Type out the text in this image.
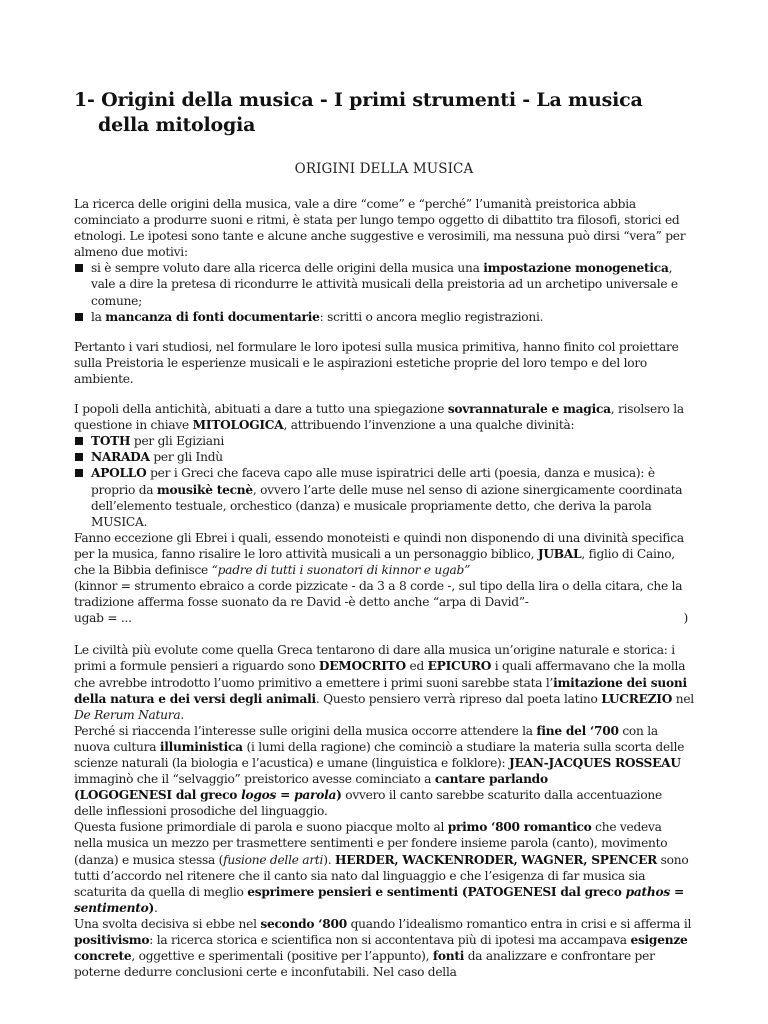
1- Origini della musica - I primi strumenti - La musica della mitologia
ORIGINI DELLA MUSICA

La ricerca delle origini della musica, vale a dire “come” e “perché” l’umanità preistorica abbia cominciato a produrre suoni e ritmi, è stata per lungo tempo oggetto di dibattito tra filosofi, storici ed etnologi. Le ipotesi sono tante e alcune anche suggestive e verosimili, ma nessuna può dirsi “vera” per almeno due motivi:

si è sempre voluto dare alla ricerca delle origini della musica una impostazione monogenetica, vale a dire la pretesa di ricondurre le attività musicali della preistoria ad un archetipo universale e comune;
la mancanza di fonti documentarie: scritti o ancora meglio registrazioni.

Pertanto i vari studiosi, nel formulare le loro ipotesi sulla musica primitiva, hanno finito col proiettare sulla Preistoria le esperienze musicali e le aspirazioni estetiche proprie del loro tempo e del loro ambiente.

I popoli della antichità, abituati a dare a tutto una spiegazione sovrannaturale e magica, risolsero la questione in chiave MITOLOGICA, attribuendo l’invenzione a una qualche divinità:

TOTH per gli Egiziani
NARADA per gli Indù
APOLLO per i Greci che faceva capo alle muse ispiratrici delle arti (poesia, danza e musica): è proprio da mousikè tecnè, ovvero l’arte delle muse nel senso di azione sinergicamente coordinata dell’elemento testuale, orchestico (danza) e musicale propriamente detto, che deriva la parola MUSICA.

Fanno eccezione gli Ebrei i quali, essendo monoteisti e quindi non disponendo di una divinità specifica per la musica, fanno risalire le loro attività musicali a un personaggio biblico, JUBAL, figlio di Caino, che la Bibbia definisce “padre di tutti i suonatori di kinnor e ugab”

(kinnor = strumento ebraico a corde pizzicate - da 3 a 8 corde -, sul tipo della lira o della citara, che la tradizione afferma fosse suonato da re David -è detto anche “arpa di David”-

ugab = ...	)

Le civiltà più evolute come quella Greca tentarono di dare alla musica un’origine naturale e storica: i primi a formule pensieri a riguardo sono DEMOCRITO ed EPICURO i quali affermavano che la molla che avrebbe introdotto l’uomo primitivo a emettere i primi suoni sarebbe stata l’imitazione dei suoni della natura e dei versi degli animali. Questo pensiero verrà ripreso dal poeta latino LUCREZIO nel De Rerum Natura.

Perché si riaccenda l’interesse sulle origini della musica occorre attendere la fine del ‘700 con la nuova cultura illuministica (i lumi della ragione) che cominciò a studiare la materia sulla scorta delle scienze naturali (la biologia e l’acustica) e umane (linguistica e folklore): JEAN-JACQUES ROSSEAU immaginò che il “selvaggio” preistorico avesse cominciato a cantare parlando
(LOGOGENESI dal greco logos = parola) ovvero il canto sarebbe scaturito dalla accentuazione delle inflessioni prosodiche del linguaggio.

Questa fusione primordiale di parola e suono piacque molto al primo ‘800 romantico che vedeva nella musica un mezzo per trasmettere sentimenti e per fondere insieme parola (canto), movimento (danza) e musica stessa (fusione delle arti). HERDER, WACKENRODER, WAGNER, SPENCER sono tutti d’accordo nel ritenere che il canto sia nato dal linguaggio e che l’esigenza di far musica sia scaturita da quella di meglio esprimere pensieri e sentimenti (PATOGENESI dal greco pathos = sentimento).

Una svolta decisiva si ebbe nel secondo ‘800 quando l’idealismo romantico entra in crisi e si afferma il positivismo: la ricerca storica e scientifica non si accontentava più di ipotesi ma accampava esigenze concrete, oggettive e sperimentali (positive per l’appunto), fonti da analizzare e confrontare per poterne dedurre conclusioni certe e inconfutabili. Nel caso della
